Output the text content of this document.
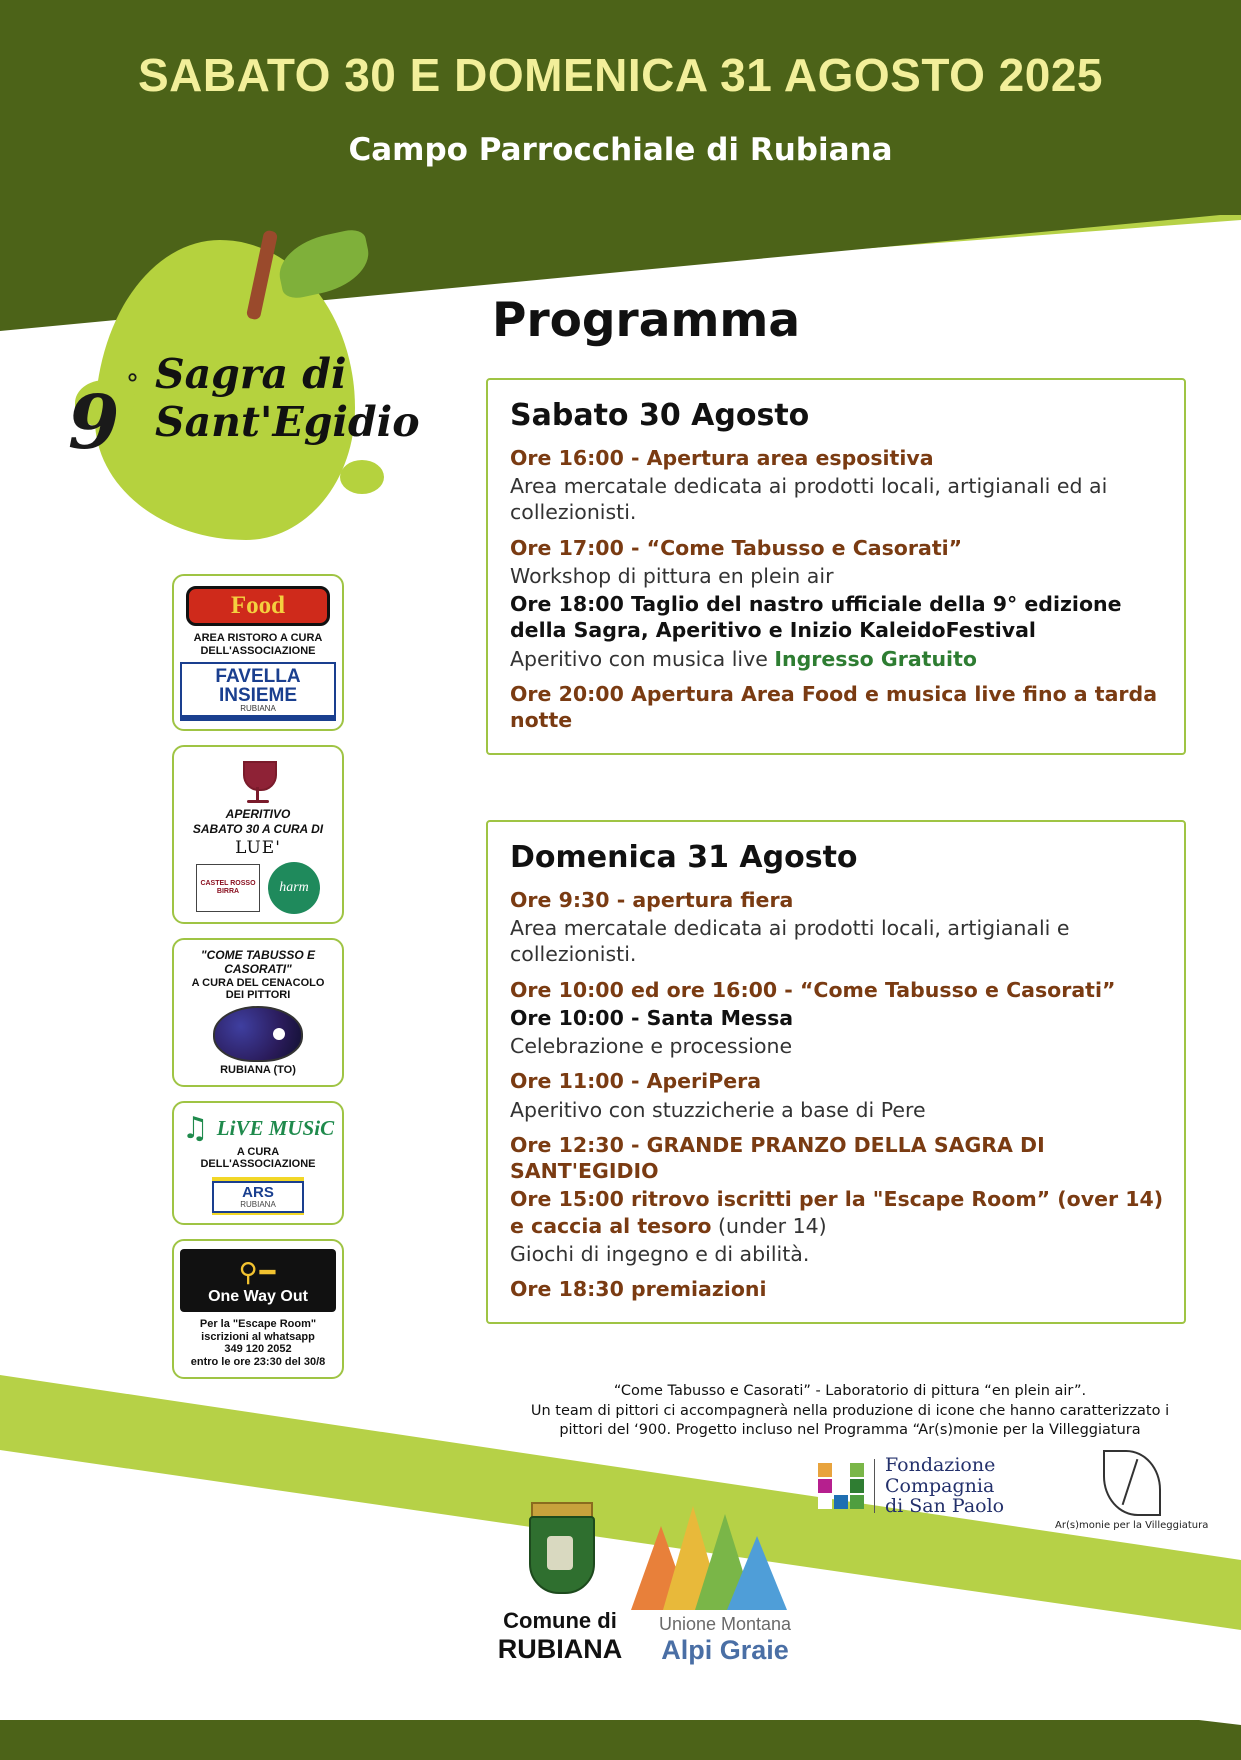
SABATO 30 E DOMENICA 31 AGOSTO 2025
Campo Parrocchiale di Rubiana
9 ° Sagra di
Sant'Egidio
Food
AREA RISTORO A CURA
DELL'ASSOCIAZIONE
FAVELLA
INSIEME
RUBIANA
APERITIVO
SABATO 30 A CURA DI
LUE'
CASTEL ROSSO BIRRA	harm
"COME TABUSSO E
CASORATI"
A CURA DEL CENACOLO
DEI PITTORI
RUBIANA (TO)
♫ LiVE MUSiC
A CURA DELL'ASSOCIAZIONE
ARS
RUBIANA
⚲━
One Way Out
Per la "Escape Room"
iscrizioni al whatsapp
349 120 2052
entro le ore 23:30 del 30/8
Programma
Sabato 30 Agosto
Ore 16:00 - Apertura area espositiva
Area mercatale dedicata ai prodotti locali, artigianali ed ai collezionisti.
Ore 17:00 - “Come Tabusso e Casorati”
Workshop di pittura en plein air
Ore 18:00 Taglio del nastro ufficiale della 9° edizione della Sagra, Aperitivo e Inizio KaleidoFestival
Aperitivo con musica live Ingresso Gratuito
Ore 20:00 Apertura Area Food e musica live fino a tarda notte
Domenica 31 Agosto
Ore 9:30 - apertura fiera
Area mercatale dedicata ai prodotti locali, artigianali e collezionisti.
Ore 10:00 ed ore 16:00 - “Come Tabusso e Casorati”
Ore 10:00 - Santa Messa
Celebrazione e processione
Ore 11:00 - AperiPera
Aperitivo con stuzzicherie a base di Pere
Ore 12:30 - GRANDE PRANZO DELLA SAGRA DI SANT'EGIDIO
Ore 15:00 ritrovo iscritti per la "Escape Room” (over 14) e caccia al tesoro (under 14)
Giochi di ingegno e di abilità.
Ore 18:30 premiazioni
“Come Tabusso e Casorati” - Laboratorio di pittura “en plein air”.
Un team di pittori ci accompagnerà nella produzione di icone che hanno caratterizzato i
pittori del ‘900. Progetto incluso nel Programma “Ar(s)monie per la Villeggiatura
Fondazione
Compagnia
di San Paolo
Ar(s)monie per la Villeggiatura
Comune di
RUBIANA
Unione Montana
Alpi Graie
